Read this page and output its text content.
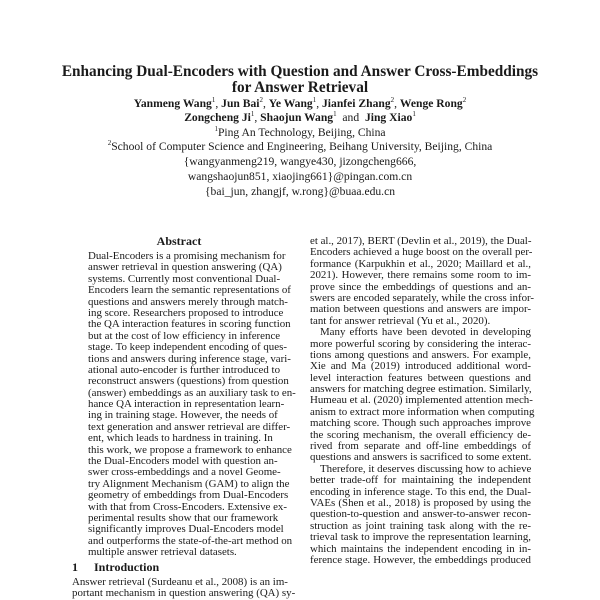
Enhancing Dual-Encoders with Question and Answer Cross-Embeddings
for Answer Retrieval
Yanmeng Wang$^1$, Jun Bai$^2$, Ye Wang$^1$, Jianfei Zhang$^2$, Wenge Rong$^2$
Zongcheng Ji$^1$, Shaojun Wang$^1$  and  Jing Xiao$^1$
$^1$Ping An Technology, Beijing, China
$^2$School of Computer Science and Engineering, Beihang University, Beijing, China
{wangyanmeng219, wangye430, jizongcheng666,
wangshaojun851, xiaojing661}@pingan.com.cn
{bai_jun, zhangjf, w.rong}@buaa.edu.cn
Abstract
Dual-Encoders is a promising mechanism for
answer retrieval in question answering (QA)
systems. Currently most conventional Dual-
Encoders learn the semantic representations of
questions and answers merely through match-
ing score. Researchers proposed to introduce
the QA interaction features in scoring function
but at the cost of low efficiency in inference
stage. To keep independent encoding of ques-
tions and answers during inference stage, vari-
ational auto-encoder is further introduced to
reconstruct answers (questions) from question
(answer) embeddings as an auxiliary task to en-
hance QA interaction in representation learn-
ing in training stage. However, the needs of
text generation and answer retrieval are differ-
ent, which leads to hardness in training. In
this work, we propose a framework to enhance
the Dual-Encoders model with question an-
swer cross-embeddings and a novel Geome-
try Alignment Mechanism (GAM) to align the
geometry of embeddings from Dual-Encoders
with that from Cross-Encoders. Extensive ex-
perimental results show that our framework
significantly improves Dual-Encoders model
and outperforms the state-of-the-art method on
multiple answer retrieval datasets.
1 Introduction
Answer retrieval (Surdeanu et al., 2008) is an im-
portant mechanism in question answering (QA) sy-
et al., 2017), BERT (Devlin et al., 2019), the Dual-
Encoders achieved a huge boost on the overall per-
formance (Karpukhin et al., 2020; Maillard et al.,
2021). However, there remains some room to im-
prove since the embeddings of questions and an-
swers are encoded separately, while the cross infor-
mation between questions and answers are impor-
tant for answer retrieval (Yu et al., 2020).
Many efforts have been devoted in developing
more powerful scoring by considering the interac-
tions among questions and answers. For example,
Xie and Ma (2019) introduced additional word-
level interaction features between questions and
answers for matching degree estimation. Similarly,
Humeau et al. (2020) implemented attention mech-
anism to extract more information when computing
matching score. Though such approaches improve
the scoring mechanism, the overall efficiency de-
rived from separate and off-line embeddings of
questions and answers is sacrificed to some extent.
Therefore, it deserves discussing how to achieve
better trade-off for maintaining the independent
encoding in inference stage. To this end, the Dual-
VAEs (Shen et al., 2018) is proposed by using the
question-to-question and answer-to-answer recon-
struction as joint training task along with the re-
trieval task to improve the representation learning,
which maintains the independent encoding in in-
ference stage. However, the embeddings produced
